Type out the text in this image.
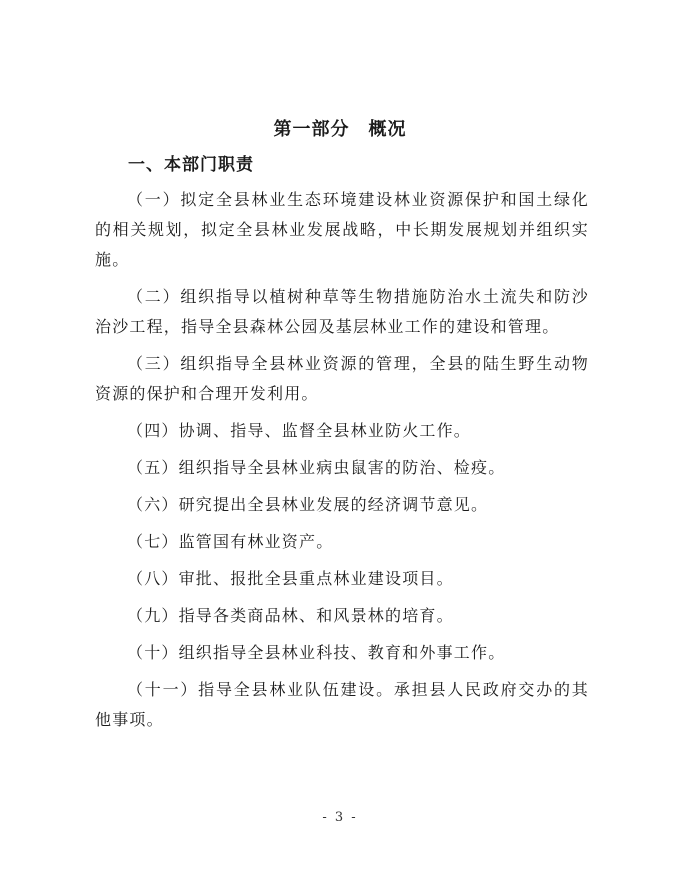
第一部分　概况
一、本部门职责

（一）拟定全县林业生态环境建设林业资源保护和国土绿化的相关规划，拟定全县林业发展战略，中长期发展规划并组织实施。

（二）组织指导以植树种草等生物措施防治水土流失和防沙治沙工程，指导全县森林公园及基层林业工作的建设和管理。

（三）组织指导全县林业资源的管理，全县的陆生野生动物资源的保护和合理开发利用。

（四）协调、指导、监督全县林业防火工作。

（五）组织指导全县林业病虫鼠害的防治、检疫。

（六）研究提出全县林业发展的经济调节意见。

（七）监管国有林业资产。

（八）审批、报批全县重点林业建设项目。

（九）指导各类商品林、和风景林的培育。

（十）组织指导全县林业科技、教育和外事工作。

（十一）指导全县林业队伍建设。承担县人民政府交办的其他事项。

- 3 -
